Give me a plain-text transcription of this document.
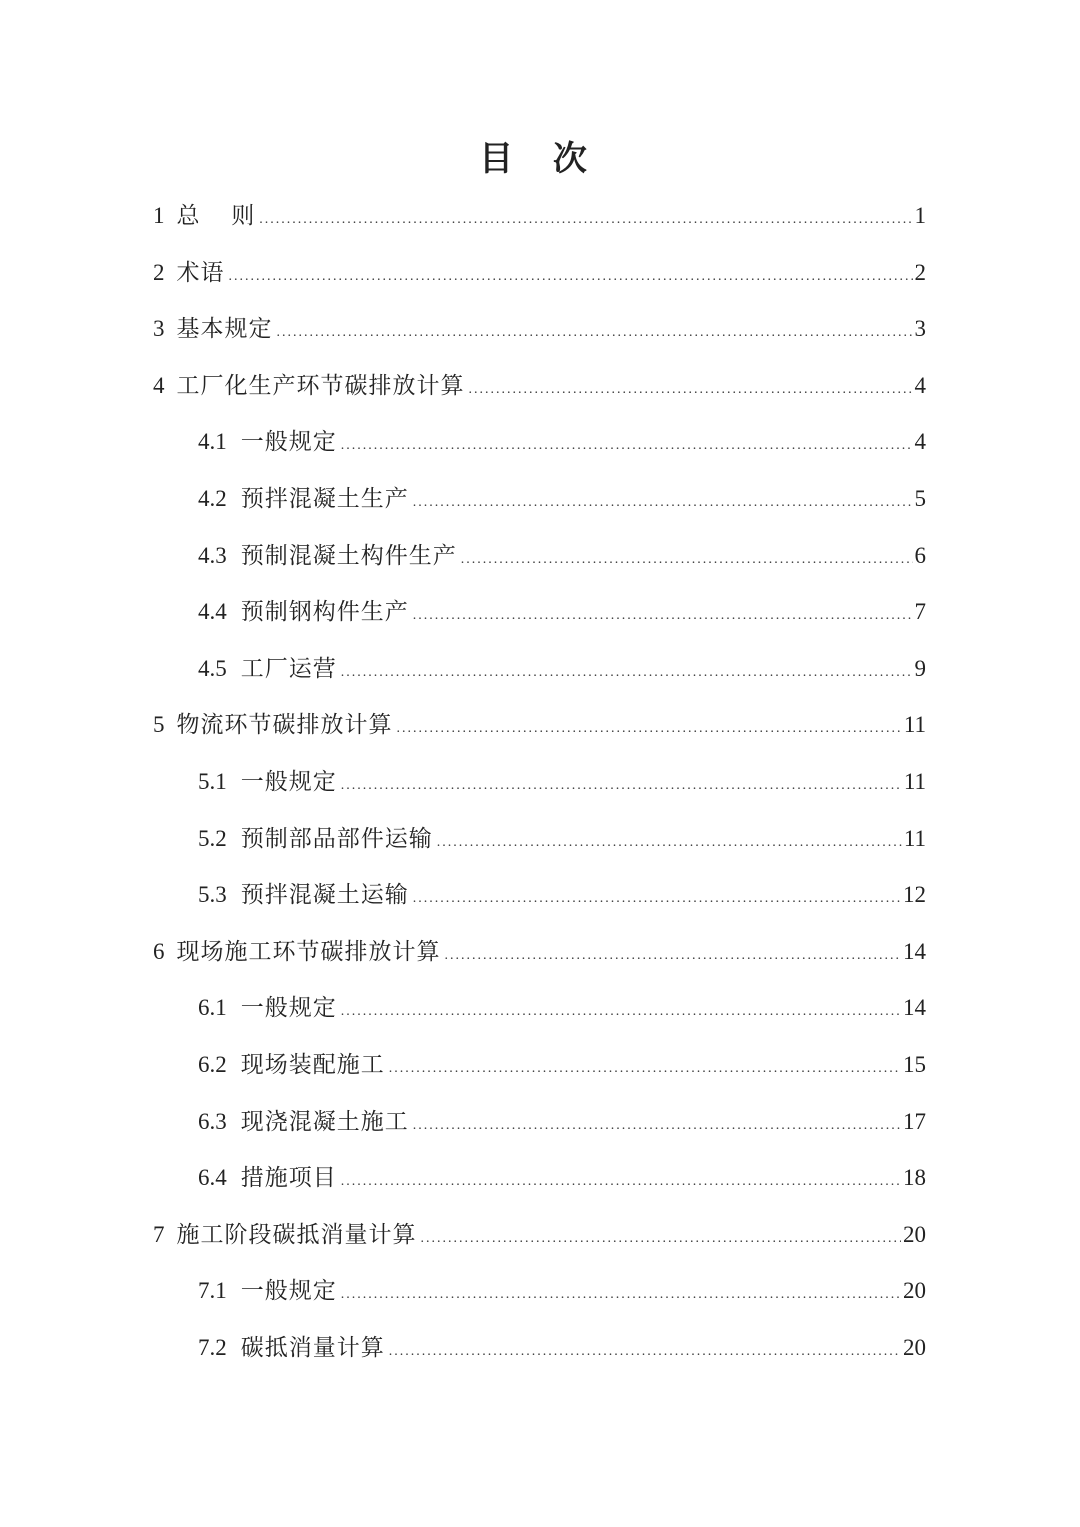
目 次
1 总　 则 .....	1
2 术语 .....	2
3 基本规定 .....	3
4 工厂化生产环节碳排放计算 .....	4
4.1 一般规定 .....	4
4.2 预拌混凝土生产 .....	5
4.3 预制混凝土构件生产 .....	6
4.4 预制钢构件生产 .....	7
4.5 工厂运营 .....	9
5 物流环节碳排放计算 .....	11
5.1 一般规定 .....	11
5.2 预制部品部件运输 .....	11
5.3 预拌混凝土运输 .....	12
6 现场施工环节碳排放计算 .....	14
6.1 一般规定 .....	14
6.2 现场装配施工 .....	15
6.3 现浇混凝土施工 .....	17
6.4 措施项目 .....	18
7 施工阶段碳抵消量计算 .....	20
7.1 一般规定 .....	20
7.2 碳抵消量计算 .....	20
